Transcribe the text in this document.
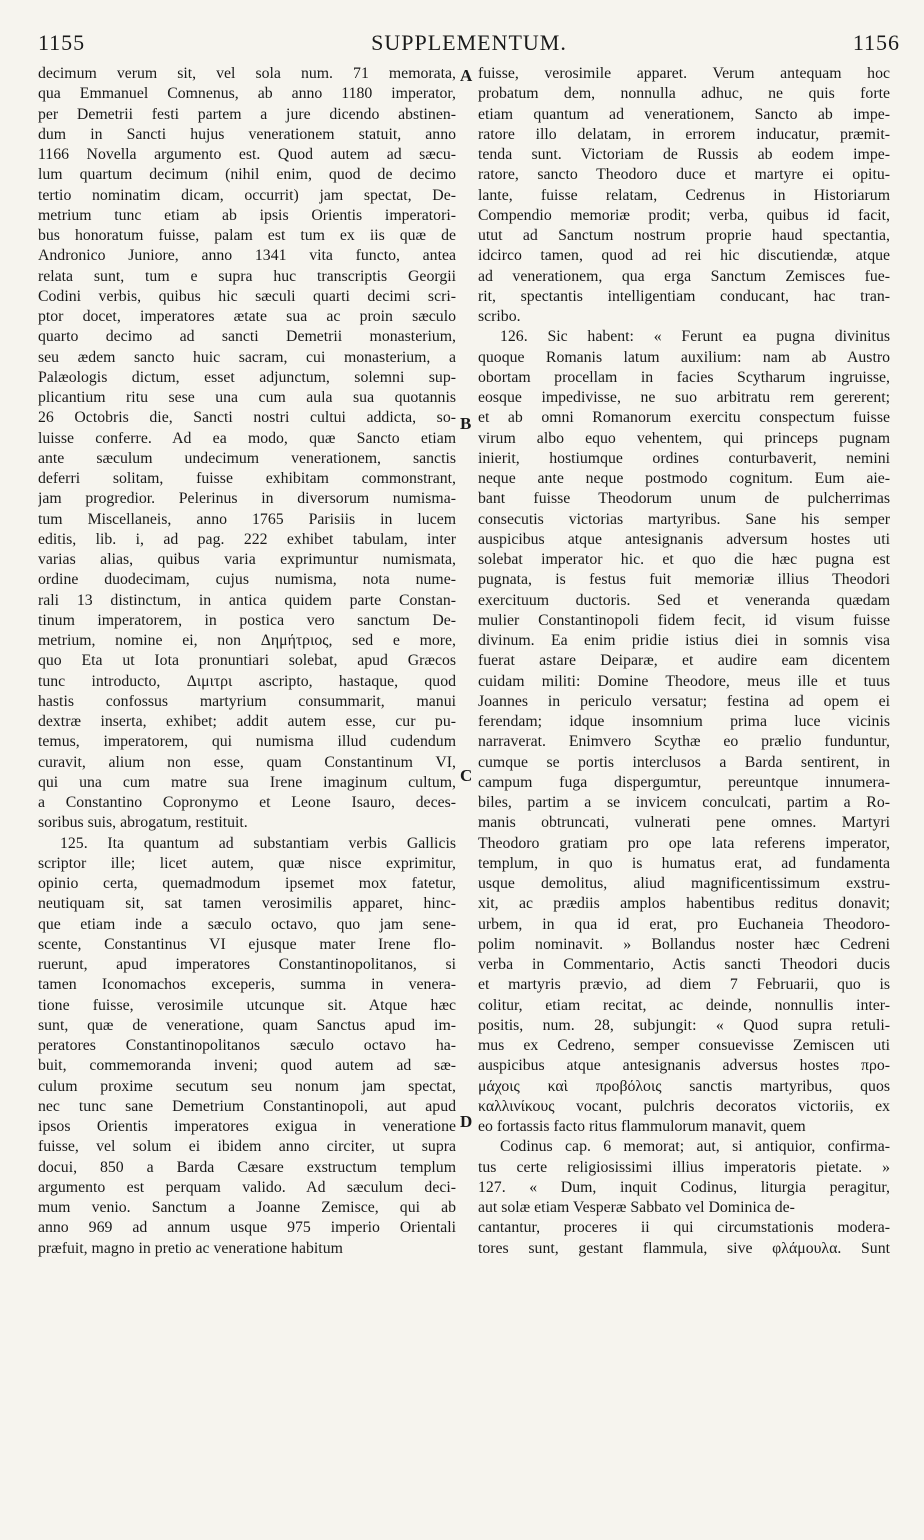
1155	SUPPLEMENTUM.	1156
decimum verum sit, vel sola num. 71 memorata,
qua Emmanuel Comnenus, ab anno 1180 imperator,
per Demetrii festi partem a jure dicendo abstinen-
dum in Sancti hujus venerationem statuit, anno
1166 Novella argumento est. Quod autem ad sæcu-
lum quartum decimum (nihil enim, quod de decimo
tertio nominatim dicam, occurrit) jam spectat, De-
metrium tunc etiam ab ipsis Orientis imperatori-
bus honoratum fuisse, palam est tum ex iis quæ de
Andronico Juniore, anno 1341 vita functo, antea
relata sunt, tum e supra huc transcriptis Georgii
Codini verbis, quibus hic sæculi quarti decimi scri-
ptor docet, imperatores ætate sua ac proin sæculo
quarto decimo ad sancti Demetrii monasterium,
seu ædem sancto huic sacram, cui monasterium, a
Palæologis dictum, esset adjunctum, solemni sup-
plicantium ritu sese una cum aula sua quotannis
26 Octobris die, Sancti nostri cultui addicta, so-
luisse conferre. Ad ea modo, quæ Sancto etiam
ante sæculum undecimum venerationem, sanctis
deferri solitam, fuisse exhibitam commonstrant,
jam progredior. Pelerinus in diversorum numisma-
tum Miscellaneis, anno 1765 Parisiis in lucem
editis, lib. i, ad pag. 222 exhibet tabulam, inter
varias alias, quibus varia exprimuntur numismata,
ordine duodecimam, cujus numisma, nota nume-
rali 13 distinctum, in antica quidem parte Constan-
tinum imperatorem, in postica vero sanctum De-
metrium, nomine ei, non Δημήτριος, sed e more,
quo Eta ut Iota pronuntiari solebat, apud Græcos
tunc introducto, Διμιτρι ascripto, hastaque, quod
hastis confossus martyrium consummarit, manui
dextræ inserta, exhibet; addit autem esse, cur pu-
temus, imperatorem, qui numisma illud cudendum
curavit, alium non esse, quam Constantinum VI,
qui una cum matre sua Irene imaginum cultum,
a Constantino Copronymo et Leone Isauro, deces-
soribus suis, abrogatum, restituit.
125. Ita quantum ad substantiam verbis Gallicis
scriptor ille; licet autem, quæ nisce exprimitur,
opinio certa, quemadmodum ipsemet mox fatetur,
neutiquam sit, sat tamen verosimilis apparet, hinc-
que etiam inde a sæculo octavo, quo jam sene-
scente, Constantinus VI ejusque mater Irene flo-
ruerunt, apud imperatores Constantinopolitanos, si
tamen Iconomachos exceperis, summa in venera-
tione fuisse, verosimile utcunque sit. Atque hæc
sunt, quæ de veneratione, quam Sanctus apud im-
peratores Constantinopolitanos sæculo octavo ha-
buit, commemoranda inveni; quod autem ad sæ-
culum proxime secutum seu nonum jam spectat,
nec tunc sane Demetrium Constantinopoli, aut apud
ipsos Orientis imperatores exigua in veneratione
fuisse, vel solum ei ibidem anno circiter, ut supra
docui, 850 a Barda Cæsare exstructum templum
argumento est perquam valido. Ad sæculum deci-
mum venio. Sanctum a Joanne Zemisce, qui ab
anno 969 ad annum usque 975 imperio Orientali
præfuit, magno in pretio ac veneratione habitum
fuisse, verosimile apparet. Verum antequam hoc
probatum dem, nonnulla adhuc, ne quis forte
etiam quantum ad venerationem, Sancto ab impe-
ratore illo delatam, in errorem inducatur, præmit-
tenda sunt. Victoriam de Russis ab eodem impe-
ratore, sancto Theodoro duce et martyre ei opitu-
lante, fuisse relatam, Cedrenus in Historiarum
Compendio memoriæ prodit; verba, quibus id facit,
utut ad Sanctum nostrum proprie haud spectantia,
idcirco tamen, quod ad rei hic discutiendæ, atque
ad venerationem, qua erga Sanctum Zemisces fue-
rit, spectantis intelligentiam conducant, hac tran-
scribo.
126. Sic habent: « Ferunt ea pugna divinitus
quoque Romanis latum auxilium: nam ab Austro
obortam procellam in facies Scytharum ingruisse,
eosque impedivisse, ne suo arbitratu rem gererent;
et ab omni Romanorum exercitu conspectum fuisse
virum albo equo vehentem, qui princeps pugnam
inierit, hostiumque ordines conturbaverit, nemini
neque ante neque postmodo cognitum. Eum aie-
bant fuisse Theodorum unum de pulcherrimas
consecutis victorias martyribus. Sane his semper
auspicibus atque antesignanis adversum hostes uti
solebat imperator hic. et quo die hæc pugna est
pugnata, is festus fuit memoriæ illius Theodori
exercituum ductoris. Sed et veneranda quædam
mulier Constantinopoli fidem fecit, id visum fuisse
divinum. Ea enim pridie istius diei in somnis visa
fuerat astare Deiparæ, et audire eam dicentem
cuidam militi: Domine Theodore, meus ille et tuus
Joannes in periculo versatur; festina ad opem ei
ferendam; idque insomnium prima luce vicinis
narraverat. Enimvero Scythæ eo prælio funduntur,
cumque se portis interclusos a Barda sentirent, in
campum fuga dispergumtur, pereuntque innumera-
biles, partim a se invicem conculcati, partim a Ro-
manis obtruncati, vulnerati pene omnes. Martyri
Theodoro gratiam pro ope lata referens imperator,
templum, in quo is humatus erat, ad fundamenta
usque demolitus, aliud magnificentissimum exstru-
xit, ac prædiis amplos habentibus reditus donavit;
urbem, in qua id erat, pro Euchaneia Theodoro-
polim nominavit. » Bollandus noster hæc Cedreni
verba in Commentario, Actis sancti Theodori ducis
et martyris prævio, ad diem 7 Februarii, quo is
colitur, etiam recitat, ac deinde, nonnullis inter-
positis, num. 28, subjungit: « Quod supra retuli-
mus ex Cedreno, semper consuevisse Zemiscen uti
auspicibus atque antesignanis adversus hostes προ-
μάχοις καὶ προβόλοις sanctis martyribus, quos
καλλινίκους vocant, pulchris decoratos victoriis, ex
eo fortassis facto ritus flammulorum manavit, quem
Codinus cap. 6 memorat; aut, si antiquior, confirma-
tus certe religiosissimi illius imperatoris pietate. »
127. « Dum, inquit Codinus, liturgia peragitur,
aut solæ etiam Vesperæ Sabbato vel Dominica de-
cantantur, proceres ii qui circumstationis modera-
tores sunt, gestant flammula, sive φλάμουλα. Sunt
A
B
C
D
